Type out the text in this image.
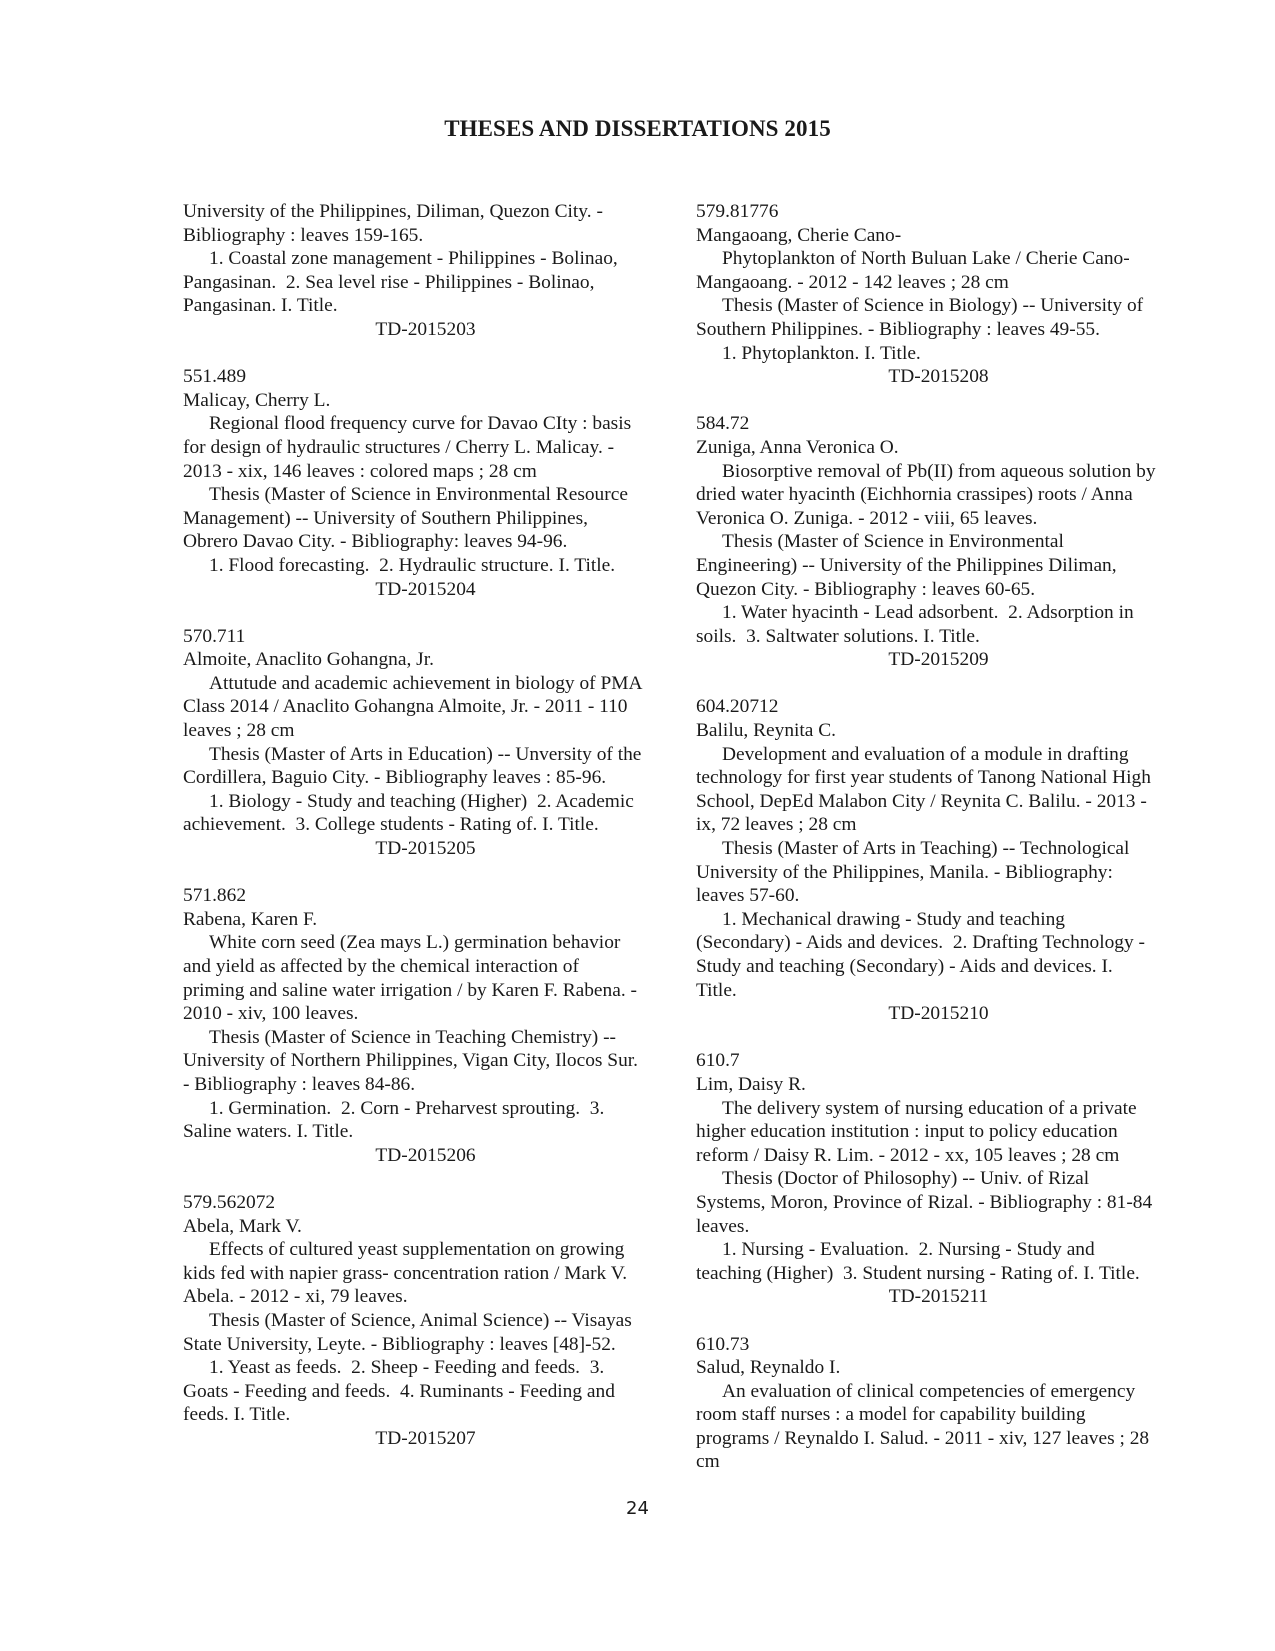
THESES AND DISSERTATIONS 2015
University of the Philippines, Diliman, Quezon City. -
Bibliography : leaves 159-165.
1. Coastal zone management - Philippines - Bolinao,
Pangasinan.  2. Sea level rise - Philippines - Bolinao,
Pangasinan. I. Title.
TD-2015203
551.489
Malicay, Cherry L.
Regional flood frequency curve for Davao CIty : basis
for design of hydraulic structures / Cherry L. Malicay. -
2013 - xix, 146 leaves : colored maps ; 28 cm
Thesis (Master of Science in Environmental Resource
Management) -- University of Southern Philippines,
Obrero Davao City. - Bibliography: leaves 94-96.
1. Flood forecasting.  2. Hydraulic structure. I. Title.
TD-2015204
570.711
Almoite, Anaclito Gohangna, Jr.
Attutude and academic achievement in biology of PMA
Class 2014 / Anaclito Gohangna Almoite, Jr. - 2011 - 110
leaves ; 28 cm
Thesis (Master of Arts in Education) -- Unversity of the
Cordillera, Baguio City. - Bibliography leaves : 85-96.
1. Biology - Study and teaching (Higher)  2. Academic
achievement.  3. College students - Rating of. I. Title.
TD-2015205
571.862
Rabena, Karen F.
White corn seed (Zea mays L.) germination behavior
and yield as affected by the chemical interaction of
priming and saline water irrigation / by Karen F. Rabena. -
2010 - xiv, 100 leaves.
Thesis (Master of Science in Teaching Chemistry) --
University of Northern Philippines, Vigan City, Ilocos Sur.
- Bibliography : leaves 84-86.
1. Germination.  2. Corn - Preharvest sprouting.  3.
Saline waters. I. Title.
TD-2015206
579.562072
Abela, Mark V.
Effects of cultured yeast supplementation on growing
kids fed with napier grass- concentration ration / Mark V.
Abela. - 2012 - xi, 79 leaves.
Thesis (Master of Science, Animal Science) -- Visayas
State University, Leyte. - Bibliography : leaves [48]-52.
1. Yeast as feeds.  2. Sheep - Feeding and feeds.  3.
Goats - Feeding and feeds.  4. Ruminants - Feeding and
feeds. I. Title.
TD-2015207
579.81776
Mangaoang, Cherie Cano-
Phytoplankton of North Buluan Lake / Cherie Cano-
Mangaoang. - 2012 - 142 leaves ; 28 cm
Thesis (Master of Science in Biology) -- University of
Southern Philippines. - Bibliography : leaves 49-55.
1. Phytoplankton. I. Title.
TD-2015208
584.72
Zuniga, Anna Veronica O.
Biosorptive removal of Pb(II) from aqueous solution by
dried water hyacinth (Eichhornia crassipes) roots / Anna
Veronica O. Zuniga. - 2012 - viii, 65 leaves.
Thesis (Master of Science in Environmental
Engineering) -- University of the Philippines Diliman,
Quezon City. - Bibliography : leaves 60-65.
1. Water hyacinth - Lead adsorbent.  2. Adsorption in
soils.  3. Saltwater solutions. I. Title.
TD-2015209
604.20712
Balilu, Reynita C.
Development and evaluation of a module in drafting
technology for first year students of Tanong National High
School, DepEd Malabon City / Reynita C. Balilu. - 2013 -
ix, 72 leaves ; 28 cm
Thesis (Master of Arts in Teaching) -- Technological
University of the Philippines, Manila. - Bibliography:
leaves 57-60.
1. Mechanical drawing - Study and teaching
(Secondary) - Aids and devices.  2. Drafting Technology -
Study and teaching (Secondary) - Aids and devices. I.
Title.
TD-2015210
610.7
Lim, Daisy R.
The delivery system of nursing education of a private
higher education institution : input to policy education
reform / Daisy R. Lim. - 2012 - xx, 105 leaves ; 28 cm
Thesis (Doctor of Philosophy) -- Univ. of Rizal
Systems, Moron, Province of Rizal. - Bibliography : 81-84
leaves.
1. Nursing - Evaluation.  2. Nursing - Study and
teaching (Higher)  3. Student nursing - Rating of. I. Title.
TD-2015211
610.73
Salud, Reynaldo I.
An evaluation of clinical competencies of emergency
room staff nurses : a model for capability building
programs / Reynaldo I. Salud. - 2011 - xiv, 127 leaves ; 28
cm
24
